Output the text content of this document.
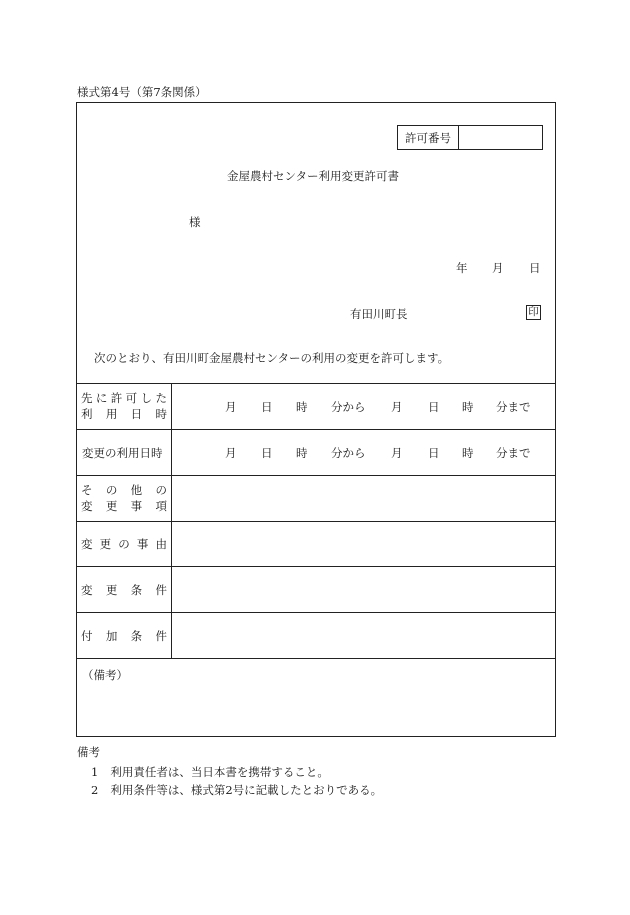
様式第4号（第7条関係）
許可番号
金屋農村センター利用変更許可書
様
年 月 日
有田川町長	印
次のとおり、有田川町金屋農村センターの利用の変更を許可します。
先 に 許 可 し た
利 用 日 時	月 日 時 分から 月 日 時 分まで
変更の利用日時	月 日 時 分から 月 日 時 分まで
そ の 他 の
変 更 事 項
変 更 の 事 由
変 更 条 件
付 加 条 件
（備考）
備考
1 利用責任者は、当日本書を携帯すること。
2 利用条件等は、様式第2号に記載したとおりである。
